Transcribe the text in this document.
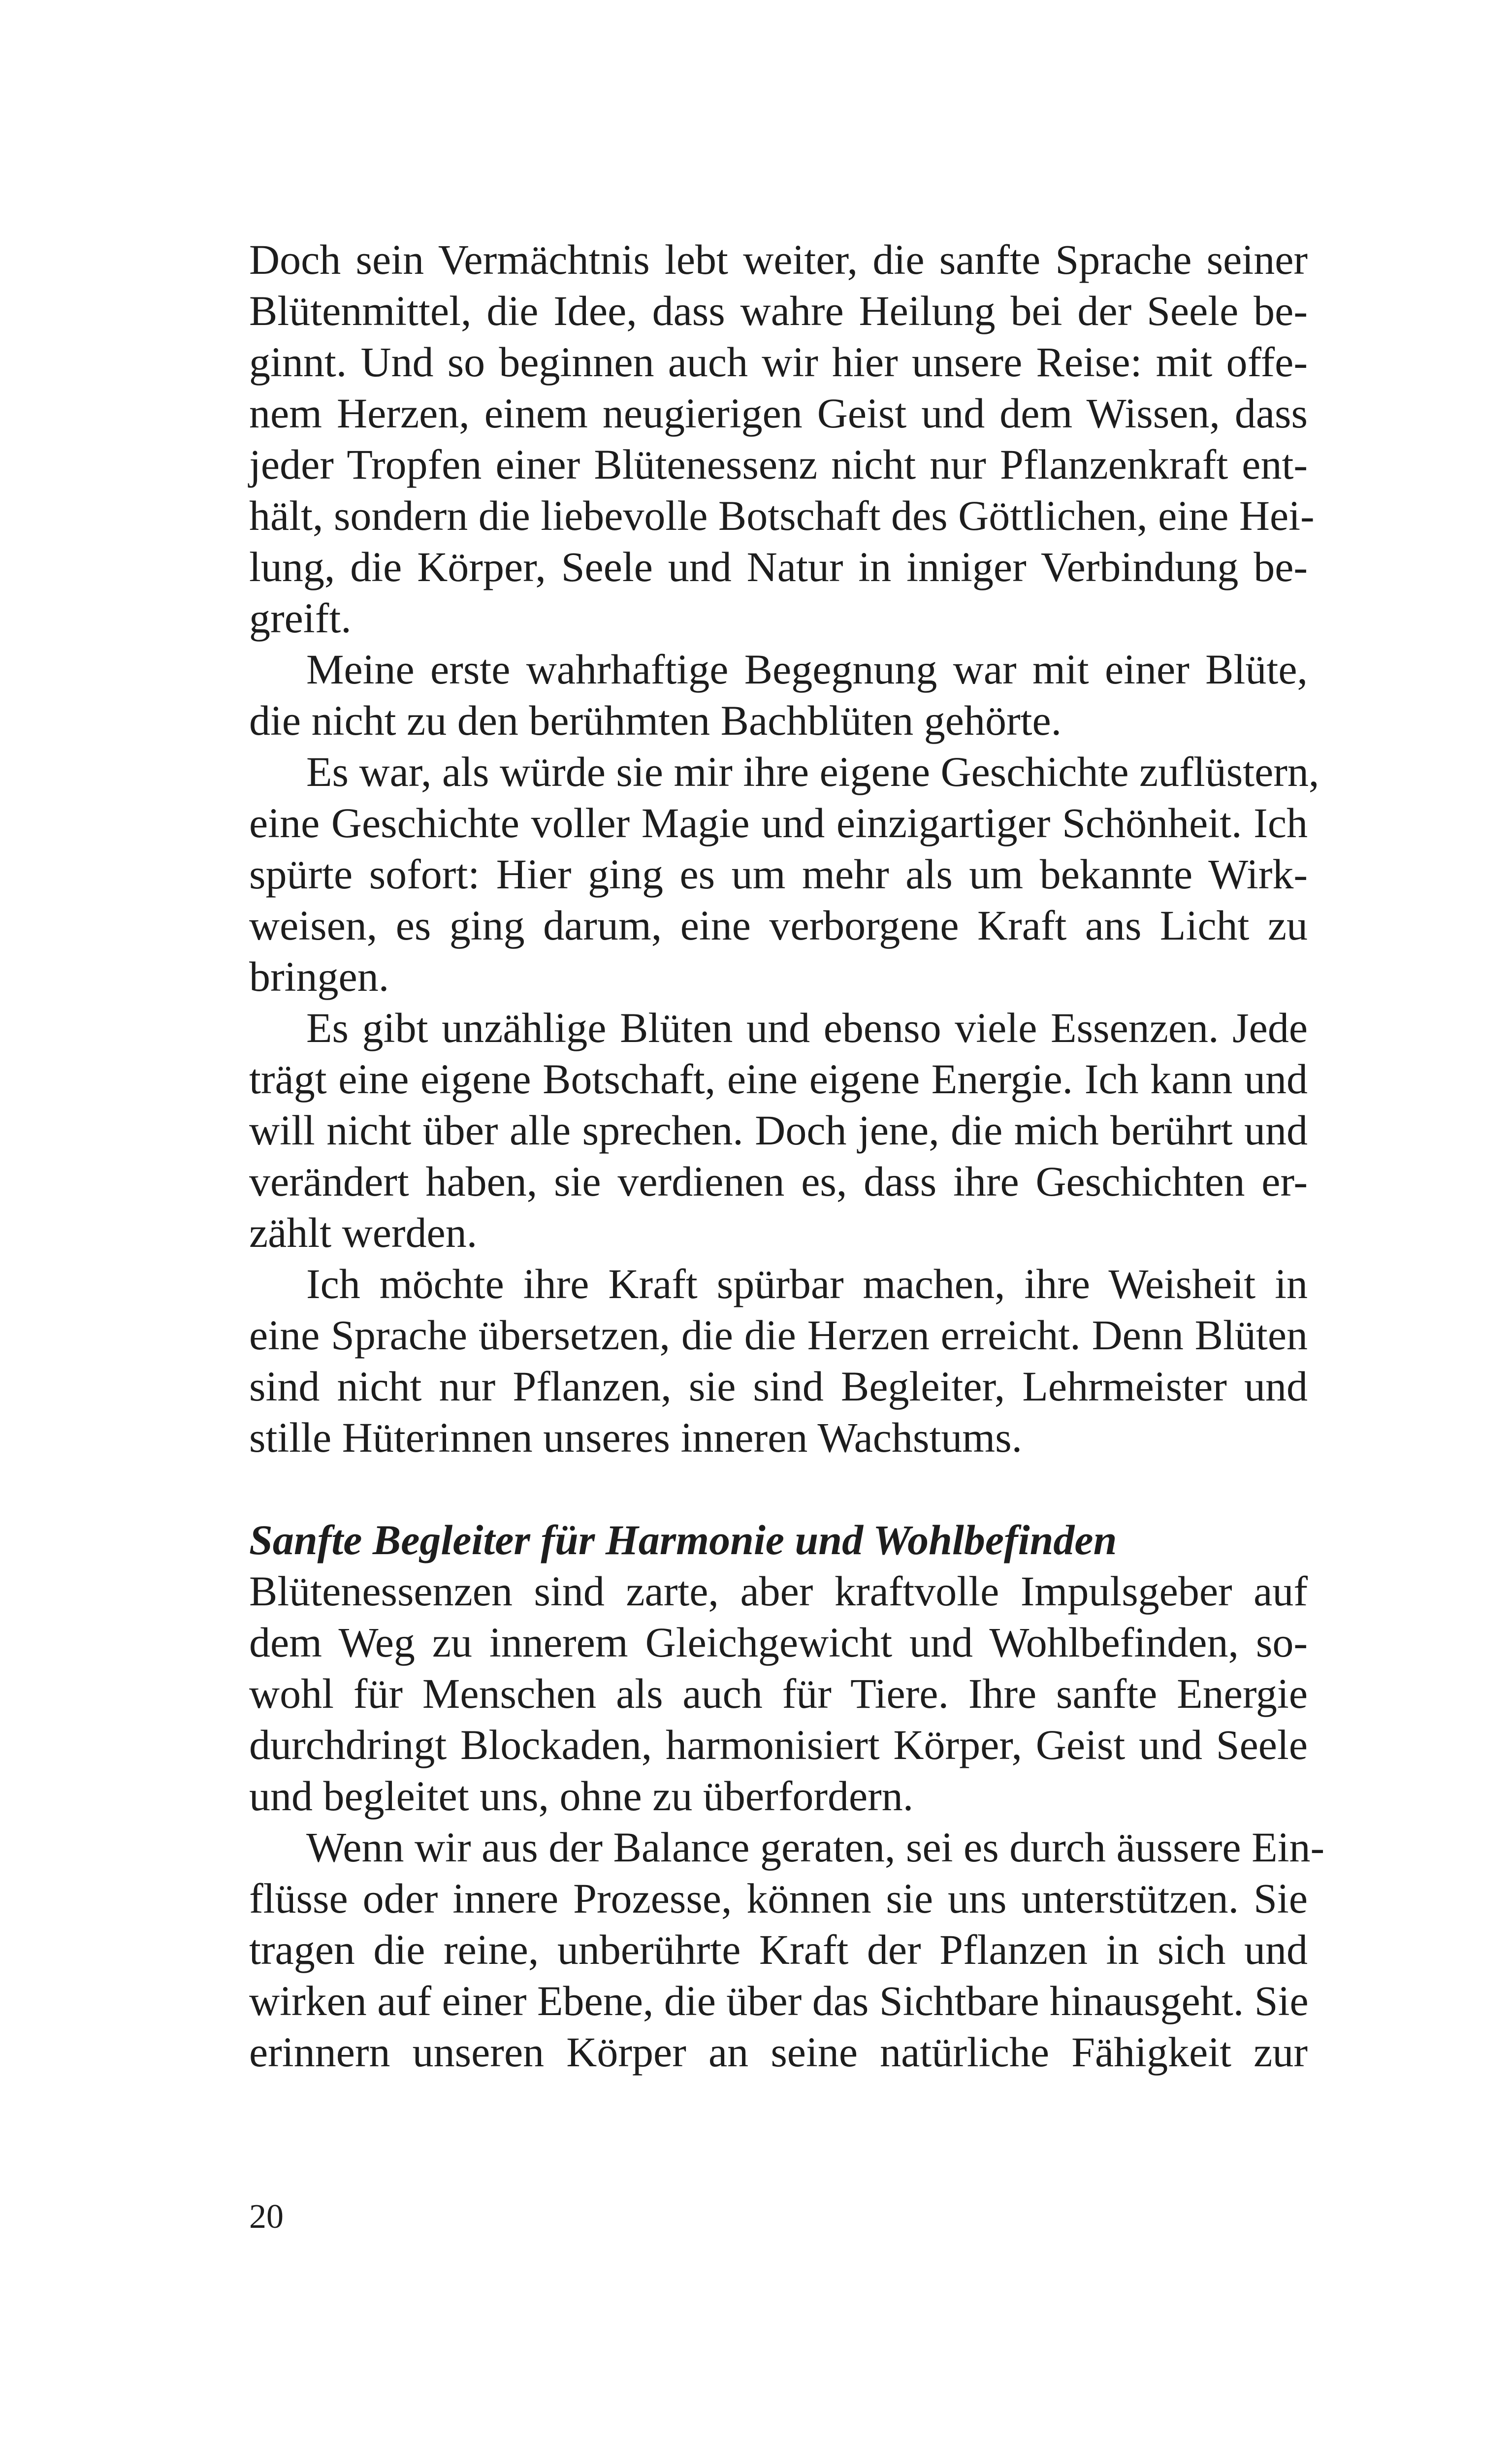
Doch sein Vermächtnis lebt weiter, die sanfte Sprache seiner
Blütenmittel, die Idee, dass wahre Heilung bei der Seele be-
ginnt. Und so beginnen auch wir hier unsere Reise: mit offe-
nem Herzen, einem neugierigen Geist und dem Wissen, dass
jeder Tropfen einer Blütenessenz nicht nur Pflanzenkraft ent-
hält, sondern die liebevolle Botschaft des Göttlichen, eine Hei-
lung, die Körper, Seele und Natur in inniger Verbindung be-
greift.
Meine erste wahrhaftige Begegnung war mit einer Blüte,
die nicht zu den berühmten Bachblüten gehörte.
Es war, als würde sie mir ihre eigene Geschichte zuflüstern,
eine Geschichte voller Magie und einzigartiger Schönheit. Ich
spürte sofort: Hier ging es um mehr als um bekannte Wirk-
weisen, es ging darum, eine verborgene Kraft ans Licht zu
bringen.
Es gibt unzählige Blüten und ebenso viele Essenzen. Jede
trägt eine eigene Botschaft, eine eigene Energie. Ich kann und
will nicht über alle sprechen. Doch jene, die mich berührt und
verändert haben, sie verdienen es, dass ihre Geschichten er-
zählt werden.
Ich möchte ihre Kraft spürbar machen, ihre Weisheit in
eine Sprache übersetzen, die die Herzen erreicht. Denn Blüten
sind nicht nur Pflanzen, sie sind Begleiter, Lehrmeister und
stille Hüterinnen unseres inneren Wachstums.
Sanfte Begleiter für Harmonie und Wohlbefinden
Blütenessenzen sind zarte, aber kraftvolle Impulsgeber auf
dem Weg zu innerem Gleichgewicht und Wohlbefinden, so-
wohl für Menschen als auch für Tiere. Ihre sanfte Energie
durchdringt Blockaden, harmonisiert Körper, Geist und Seele
und begleitet uns, ohne zu überfordern.
Wenn wir aus der Balance geraten, sei es durch äussere Ein-
flüsse oder innere Prozesse, können sie uns unterstützen. Sie
tragen die reine, unberührte Kraft der Pflanzen in sich und
wirken auf einer Ebene, die über das Sichtbare hinausgeht. Sie
erinnern unseren Körper an seine natürliche Fähigkeit zur
20
